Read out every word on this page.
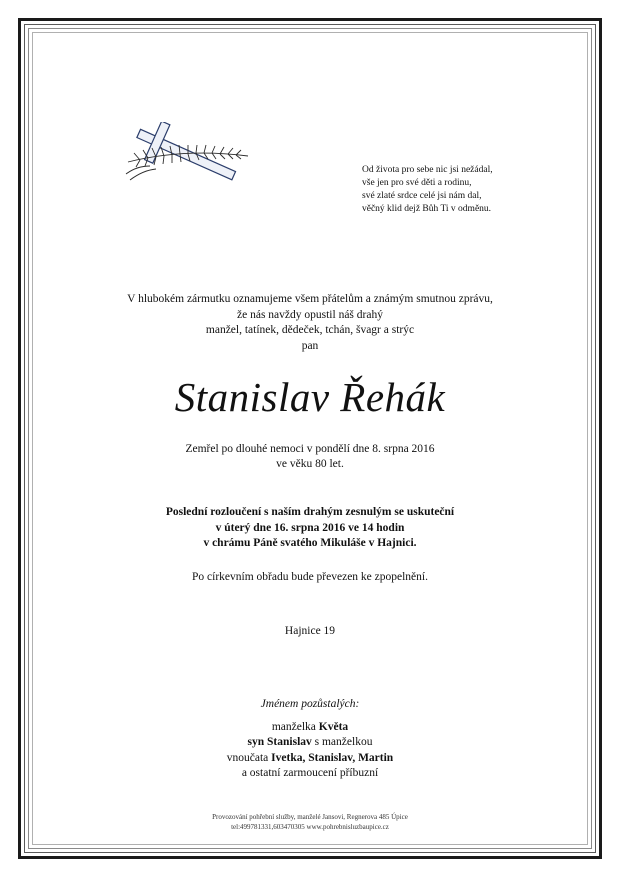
Od života pro sebe nic jsi nežádal,
vše jen pro své děti a rodinu,
své zlaté srdce celé jsi nám dal,
věčný klid dejž Bůh Ti v odměnu.
V hlubokém zármutku oznamujeme všem přátelům a známým smutnou zprávu,
že nás navždy opustil náš drahý
manžel, tatínek, dědeček, tchán, švagr a strýc
pan
Stanislav Řehák
Zemřel po dlouhé nemoci v pondělí dne 8. srpna 2016
ve věku 80 let.
Poslední rozloučení s naším drahým zesnulým se uskuteční
v úterý dne 16. srpna 2016 ve 14 hodin
v chrámu Páně svatého Mikuláše v Hajnici.
Po církevním obřadu bude převezen ke zpopelnění.
Hajnice 19
Jménem pozůstalých:
manželka Květa
syn Stanislav s manželkou
vnoučata Ivetka, Stanislav, Martin
a ostatní zarmoucení příbuzní
Provozování pohřební služby, manželé Jansovi, Regnerova 485 Úpice
tel:499781331,603470305 www.pohrebnisluzbaupice.cz
